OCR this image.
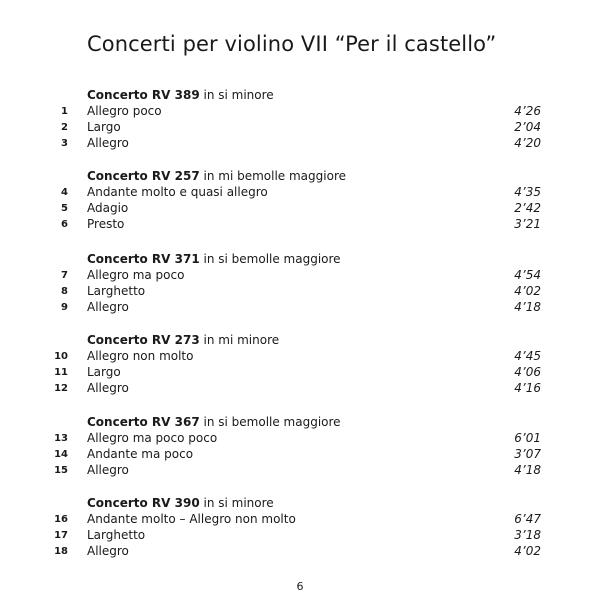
Concerti per violino VII “Per il castello”
Concerto RV 389 in si minore
1 Allegro poco	4’26
2 Largo	2’04
3 Allegro	4’20
Concerto RV 257 in mi bemolle maggiore
4 Andante molto e quasi allegro	4’35
5 Adagio	2’42
6 Presto	3’21
Concerto RV 371 in si bemolle maggiore
7 Allegro ma poco	4’54
8 Larghetto	4’02
9 Allegro	4’18
Concerto RV 273 in mi minore
10 Allegro non molto	4’45
11 Largo	4’06
12 Allegro	4’16
Concerto RV 367 in si bemolle maggiore
13 Allegro ma poco poco	6’01
14 Andante ma poco	3’07
15 Allegro	4’18
Concerto RV 390 in si minore
16 Andante molto – Allegro non molto	6’47
17 Larghetto	3’18
18 Allegro	4’02
6
